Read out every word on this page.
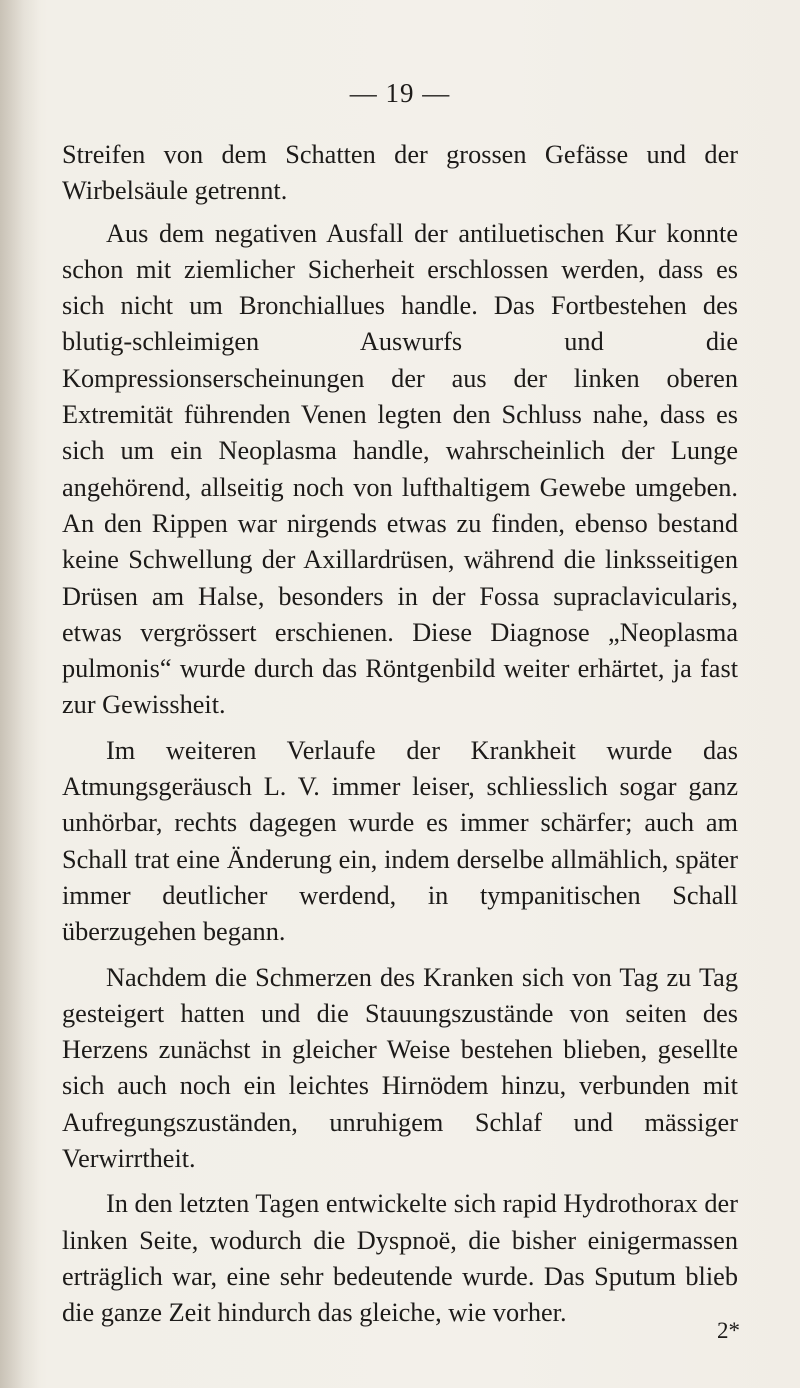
— 19 —

Streifen von dem Schatten der grossen Gefässe und der Wirbelsäule getrennt.

Aus dem negativen Ausfall der antiluetischen Kur konnte schon mit ziemlicher Sicherheit erschlossen werden, dass es sich nicht um Bronchiallues handle. Das Fortbestehen des blutig-schleimigen Auswurfs und die Kompressionserscheinungen der aus der linken oberen Extremität führenden Venen legten den Schluss nahe, dass es sich um ein Neoplasma handle, wahrscheinlich der Lunge angehörend, allseitig noch von lufthaltigem Gewebe umgeben. An den Rippen war nirgends etwas zu finden, ebenso bestand keine Schwellung der Axillardrüsen, während die linksseitigen Drüsen am Halse, besonders in der Fossa supraclavicularis, etwas vergrössert erschienen. Diese Diagnose „Neoplasma pulmonis“ wurde durch das Röntgenbild weiter erhärtet, ja fast zur Gewissheit.

Im weiteren Verlaufe der Krankheit wurde das Atmungsgeräusch L. V. immer leiser, schliesslich sogar ganz unhörbar, rechts dagegen wurde es immer schärfer; auch am Schall trat eine Änderung ein, indem derselbe allmählich, später immer deutlicher werdend, in tympanitischen Schall überzugehen begann.

Nachdem die Schmerzen des Kranken sich von Tag zu Tag gesteigert hatten und die Stauungszustände von seiten des Herzens zunächst in gleicher Weise bestehen blieben, gesellte sich auch noch ein leichtes Hirnödem hinzu, verbunden mit Aufregungszuständen, unruhigem Schlaf und mässiger Verwirrtheit.

In den letzten Tagen entwickelte sich rapid Hydrothorax der linken Seite, wodurch die Dyspnoë, die bisher einigermassen erträglich war, eine sehr bedeutende wurde. Das Sputum blieb die ganze Zeit hindurch das gleiche, wie vorher.

2*
